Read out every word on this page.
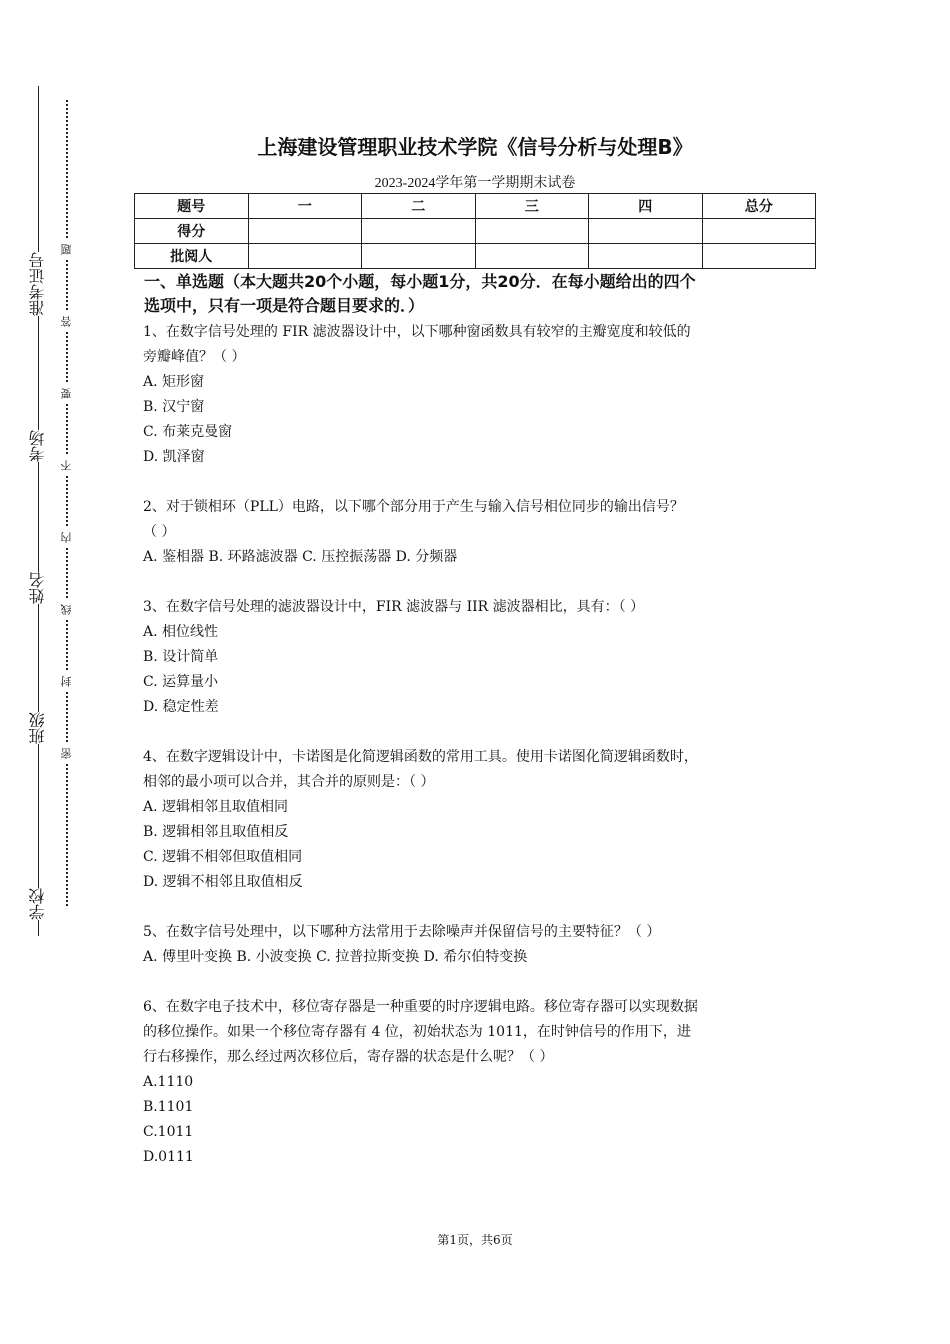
准考证号
考场
姓名
班级
学校
题
答
要
不
内
线
封
密
上海建设管理职业技术学院《信号分析与处理B》
2023-2024学年第一学期期末试卷
题号	一	二	三	四	总分
得分					
批阅人					
一、单选题（本大题共20个小题，每小题1分，共20分．在每小题给出的四个
选项中，只有一项是符合题目要求的．）
1、在数字信号处理的 FIR 滤波器设计中，以下哪种窗函数具有较窄的主瓣宽度和较低的
旁瓣峰值？（ ）
A. 矩形窗
B. 汉宁窗
C. 布莱克曼窗
D. 凯泽窗
2、对于锁相环（PLL）电路，以下哪个部分用于产生与输入信号相位同步的输出信号？
（ ）
A. 鉴相器 B. 环路滤波器 C. 压控振荡器 D. 分频器
3、在数字信号处理的滤波器设计中，FIR 滤波器与 IIR 滤波器相比，具有：（ ）
A. 相位线性
B. 设计简单
C. 运算量小
D. 稳定性差
4、在数字逻辑设计中，卡诺图是化简逻辑函数的常用工具。使用卡诺图化简逻辑函数时，
相邻的最小项可以合并，其合并的原则是：（ ）
A. 逻辑相邻且取值相同
B. 逻辑相邻且取值相反
C. 逻辑不相邻但取值相同
D. 逻辑不相邻且取值相反
5、在数字信号处理中，以下哪种方法常用于去除噪声并保留信号的主要特征？（ ）
A. 傅里叶变换 B. 小波变换 C. 拉普拉斯变换 D. 希尔伯特变换
6、在数字电子技术中，移位寄存器是一种重要的时序逻辑电路。移位寄存器可以实现数据
的移位操作。如果一个移位寄存器有 4 位，初始状态为 1011，在时钟信号的作用下，进
行右移操作，那么经过两次移位后，寄存器的状态是什么呢？（ ）
A.1110
B.1101
C.1011
D.0111
第1页，共6页
